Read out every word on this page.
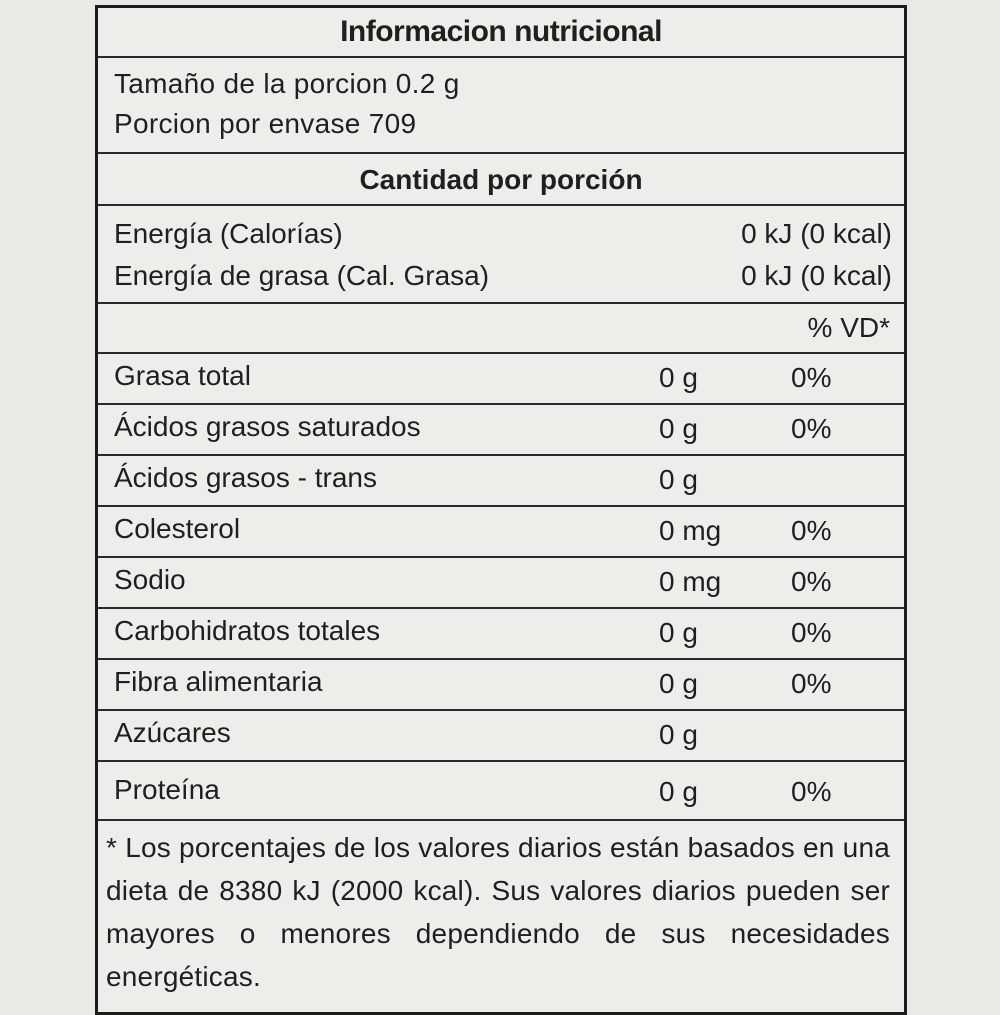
Informacion nutricional
Tamaño de la porcion 0.2 g
Porcion por envase 709
Cantidad por porción
Energía (Calorías)	0 kJ (0 kcal)
Energía de grasa (Cal. Grasa)	0 kJ (0 kcal)
% VD*
Grasa total	0 g	0%
Ácidos grasos saturados	0 g	0%
Ácidos grasos - trans	0 g
Colesterol	0 mg 0%
Sodio	0 mg 0%
Carbohidratos totales	0 g	0%
Fibra alimentaria	0 g	0%
Azúcares	0 g
Proteína	0 g	0%
* Los porcentajes de los valores diarios están basados en una dieta de 8380 kJ (2000 kcal). Sus valores diarios pueden ser mayores o menores dependiendo de sus necesidades energéticas.
